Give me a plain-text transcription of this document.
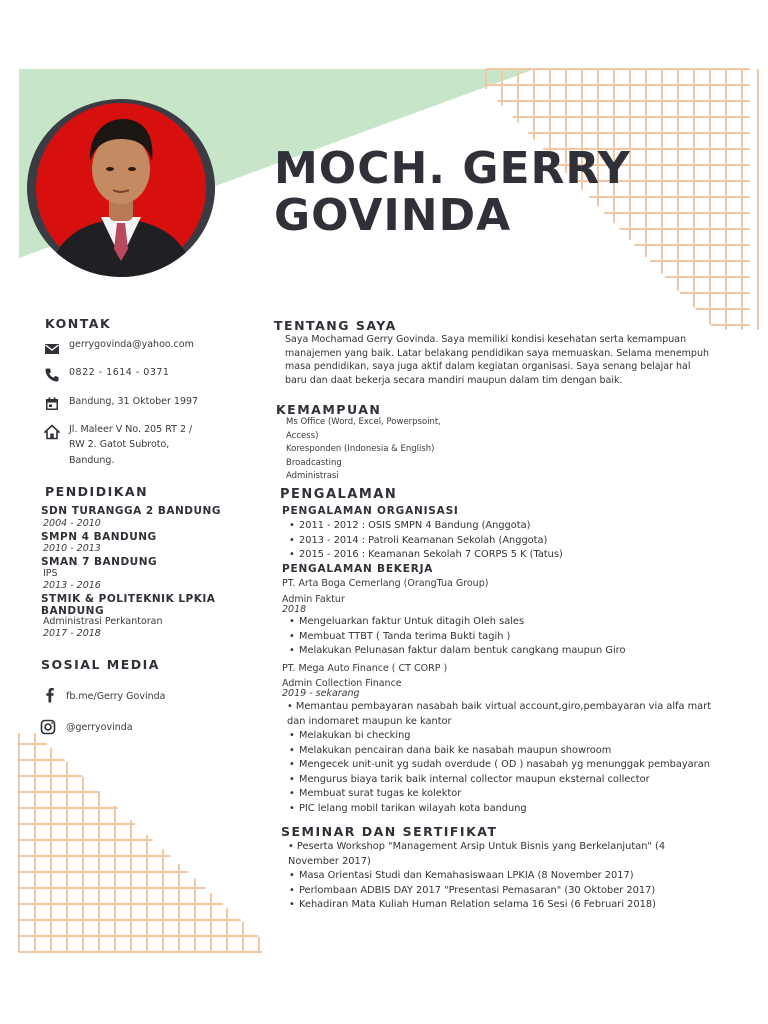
MOCH. GERRY
GOVINDA
KONTAK
gerrygovinda@yahoo.com
0822 - 1614 - 0371
Bandung, 31 Oktober 1997
Jl. Maleer V No. 205 RT 2 /
RW 2. Gatot Subroto,
Bandung.
PENDIDIKAN
SDN TURANGGA 2 BANDUNG
2004 - 2010
SMPN 4 BANDUNG
2010 - 2013
SMAN 7 BANDUNG
IPS
2013 - 2016
STMIK & POLITEKNIK LPKIA
BANDUNG
Administrasi Perkantoran
2017 - 2018
SOSIAL MEDIA
fb.me/Gerry Govinda
@gerryovinda
TENTANG SAYA
Saya Mochamad Gerry Govinda. Saya memiliki kondisi kesehatan serta kemampuan
manajemen yang baik. Latar belakang pendidikan saya memuaskan. Selama menempuh
masa pendidikan, saya juga aktif dalam kegiatan organisasi. Saya senang belajar hal
baru dan daat bekerja secara mandiri maupun dalam tim dengan baik.
KEMAMPUAN
Ms Office (Word, Excel, Powerpsoint,
Access)
Koresponden (Indonesia & English)
Broadcasting
Administrasi
PENGALAMAN
PENGALAMAN ORGANISASI
• 2011 - 2012 : OSIS SMPN 4 Bandung (Anggota)
• 2013 - 2014 : Patroli Keamanan Sekolah (Anggota)
• 2015 - 2016 : Keamanan Sekolah 7 CORPS 5 K (Tatus)
PENGALAMAN BEKERJA
PT. Arta Boga Cemerlang (OrangTua Group)
Admin Faktur
2018
• Mengeluarkan faktur Untuk ditagih Oleh sales
• Membuat TTBT ( Tanda terima Bukti tagih )
• Melakukan Pelunasan faktur dalam bentuk cangkang maupun Giro
PT. Mega Auto Finance ( CT CORP )
Admin Collection Finance
2019 - sekarang
• Memantau pembayaran nasabah baik virtual account,giro,pembayaran via alfa mart
dan indomaret maupun ke kantor
• Melakukan bi checking
• Melakukan pencairan dana baik ke nasabah maupun showroom
• Mengecek unit-unit yg sudah overdude ( OD ) nasabah yg menunggak pembayaran
• Mengurus biaya tarik baik internal collector maupun eksternal collector
• Membuat surat tugas ke kolektor
• PIC lelang mobil tarikan wilayah kota bandung
SEMINAR DAN SERTIFIKAT
• Peserta Workshop "Management Arsip Untuk Bisnis yang Berkelanjutan" (4
November 2017)
• Masa Orientasi Studi dan Kemahasiswaan LPKIA (8 November 2017)
• Perlombaan ADBIS DAY 2017 "Presentasi Pemasaran" (30 Oktober 2017)
• Kehadiran Mata Kuliah Human Relation selama 16 Sesi (6 Februari 2018)
